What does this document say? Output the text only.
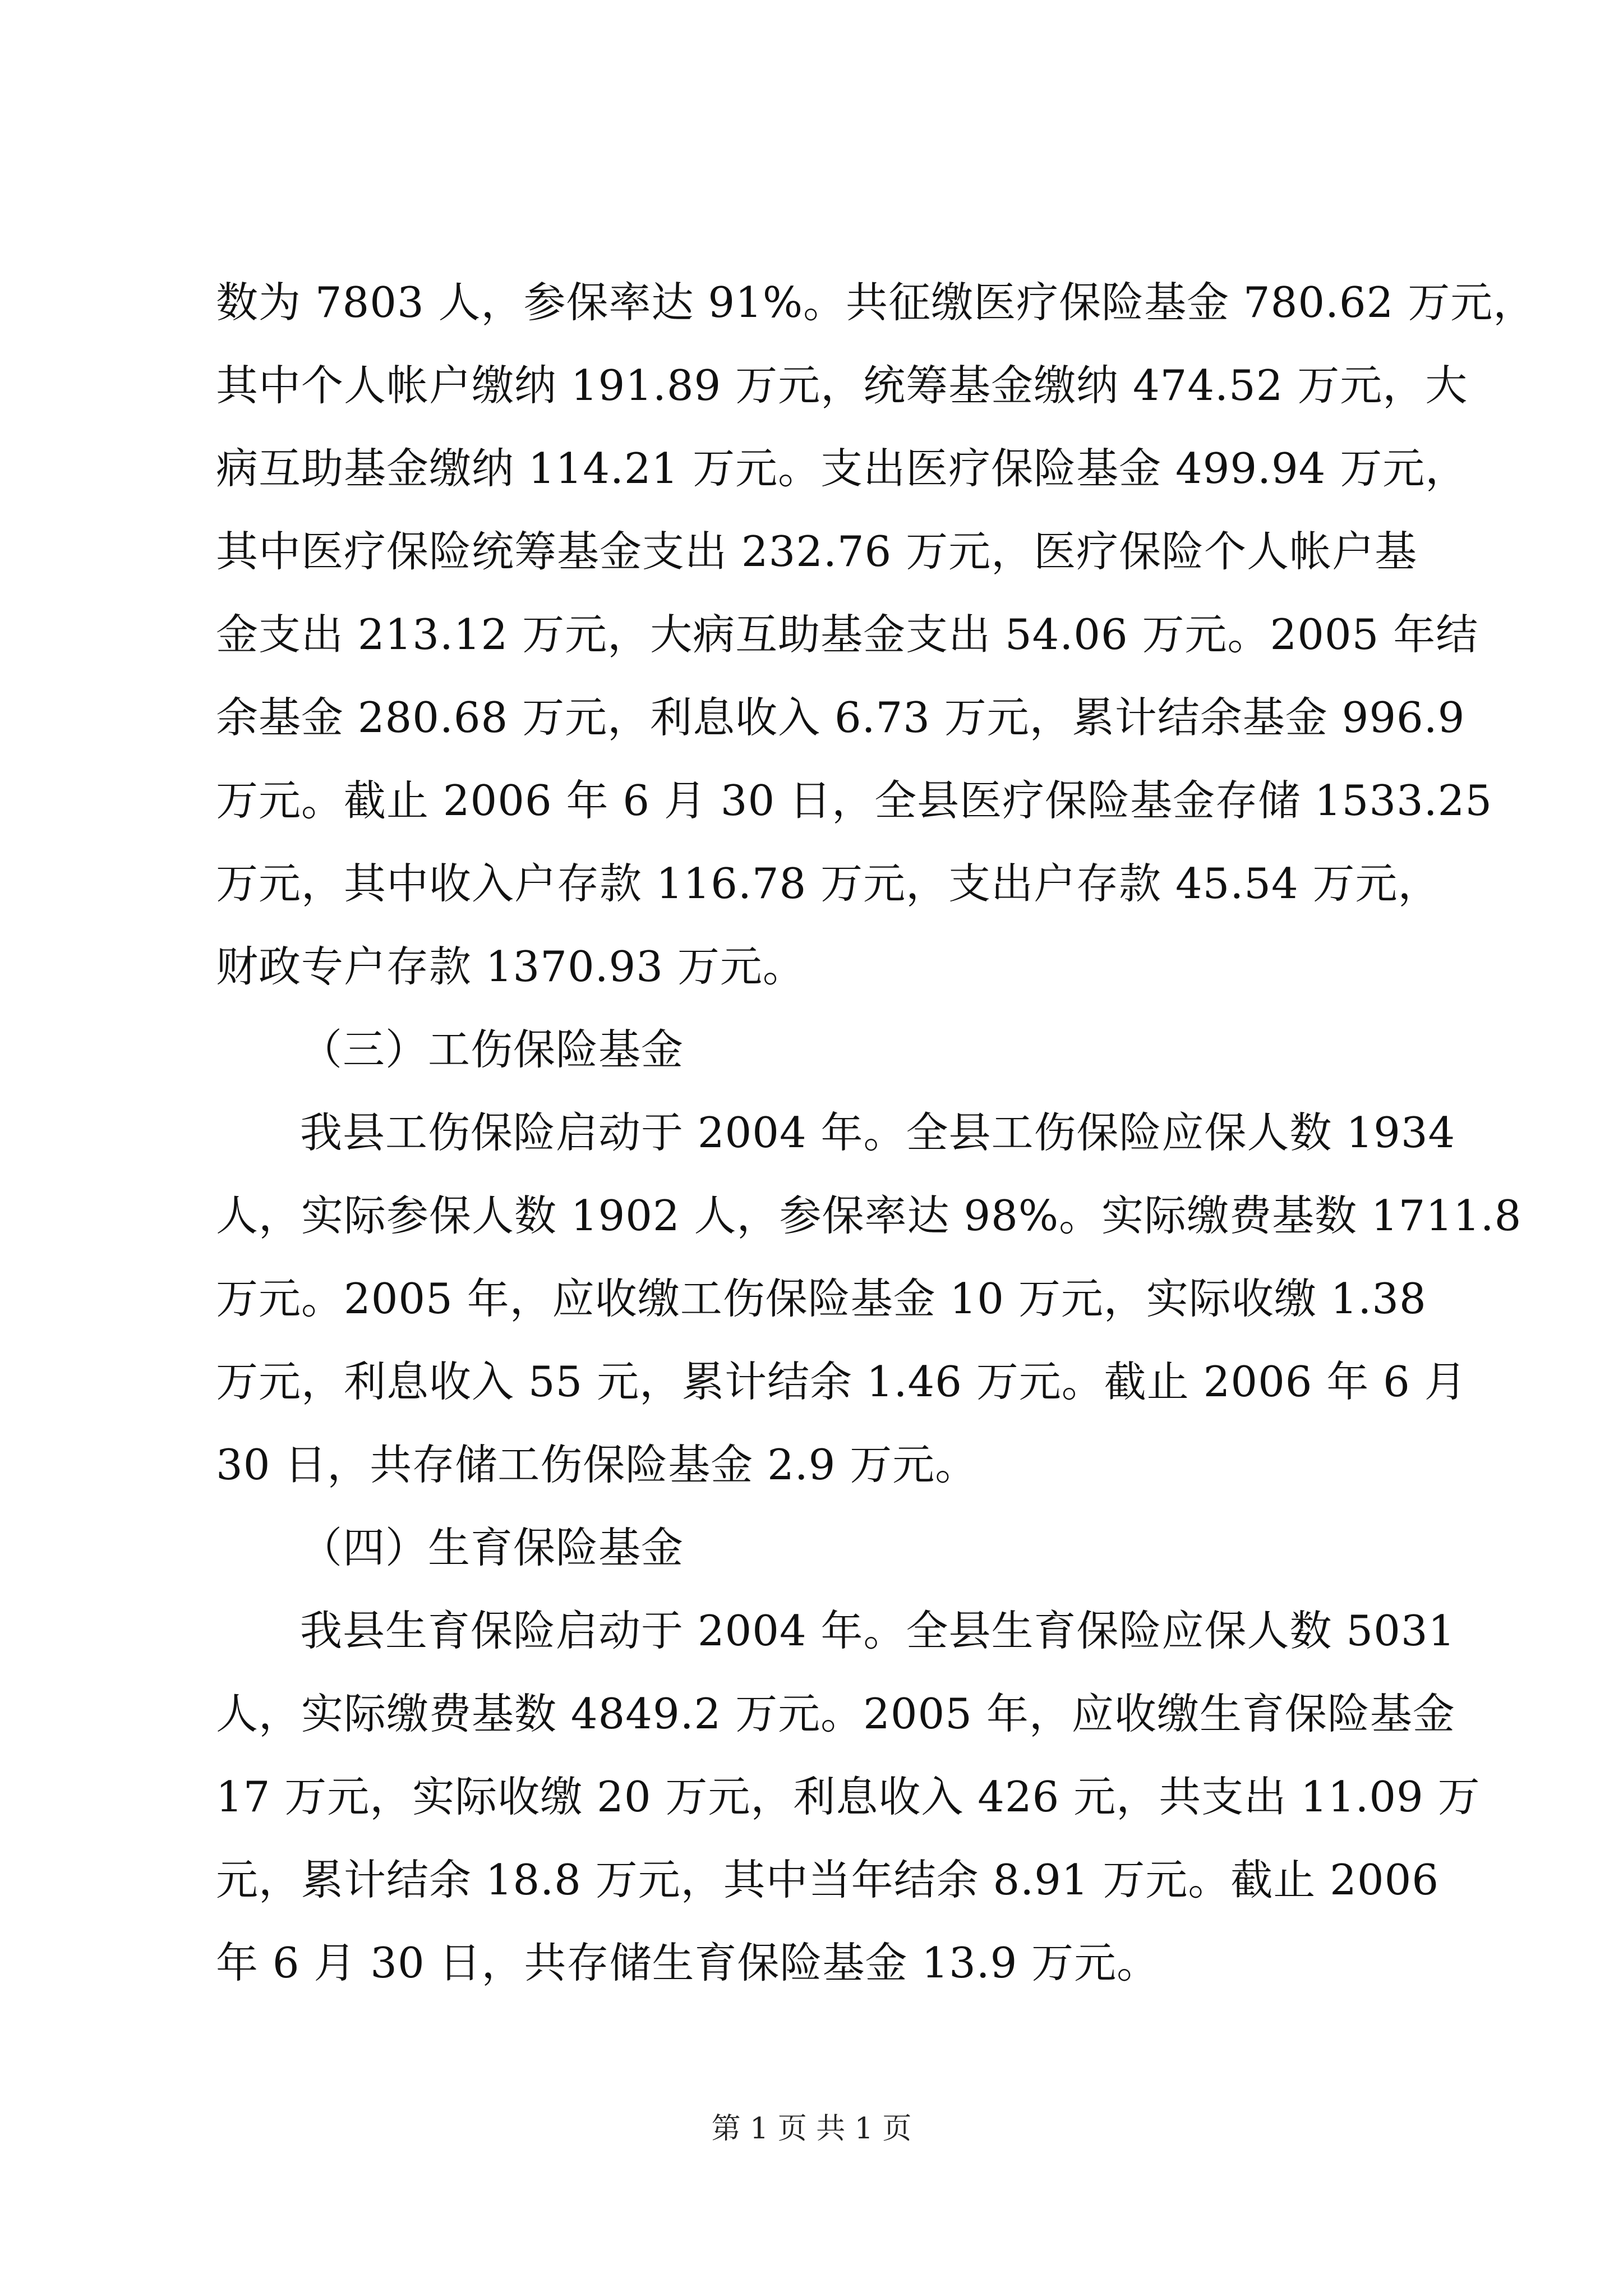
数为 7803 人，参保率达 91%。共征缴医疗保险基金 780.62 万元，
其中个人帐户缴纳 191.89 万元，统筹基金缴纳 474.52 万元，大
病互助基金缴纳 114.21 万元。支出医疗保险基金 499.94 万元，
其中医疗保险统筹基金支出 232.76 万元，医疗保险个人帐户基
金支出 213.12 万元，大病互助基金支出 54.06 万元。2005 年结
余基金 280.68 万元，利息收入 6.73 万元，累计结余基金 996.9
万元。截止 2006 年 6 月 30 日，全县医疗保险基金存储 1533.25
万元，其中收入户存款 116.78 万元，支出户存款 45.54 万元，
财政专户存款 1370.93 万元。
（三）工伤保险基金
我县工伤保险启动于 2004 年。全县工伤保险应保人数 1934
人，实际参保人数 1902 人，参保率达 98%。实际缴费基数 1711.8
万元。2005 年，应收缴工伤保险基金 10 万元，实际收缴 1.38
万元，利息收入 55 元，累计结余 1.46 万元。截止 2006 年 6 月
30 日，共存储工伤保险基金 2.9 万元。
（四）生育保险基金
我县生育保险启动于 2004 年。全县生育保险应保人数 5031
人，实际缴费基数 4849.2 万元。2005 年，应收缴生育保险基金
17 万元，实际收缴 20 万元，利息收入 426 元，共支出 11.09 万
元，累计结余 18.8 万元，其中当年结余 8.91 万元。截止 2006
年 6 月 30 日，共存储生育保险基金 13.9 万元。
第 1 页 共 1 页
